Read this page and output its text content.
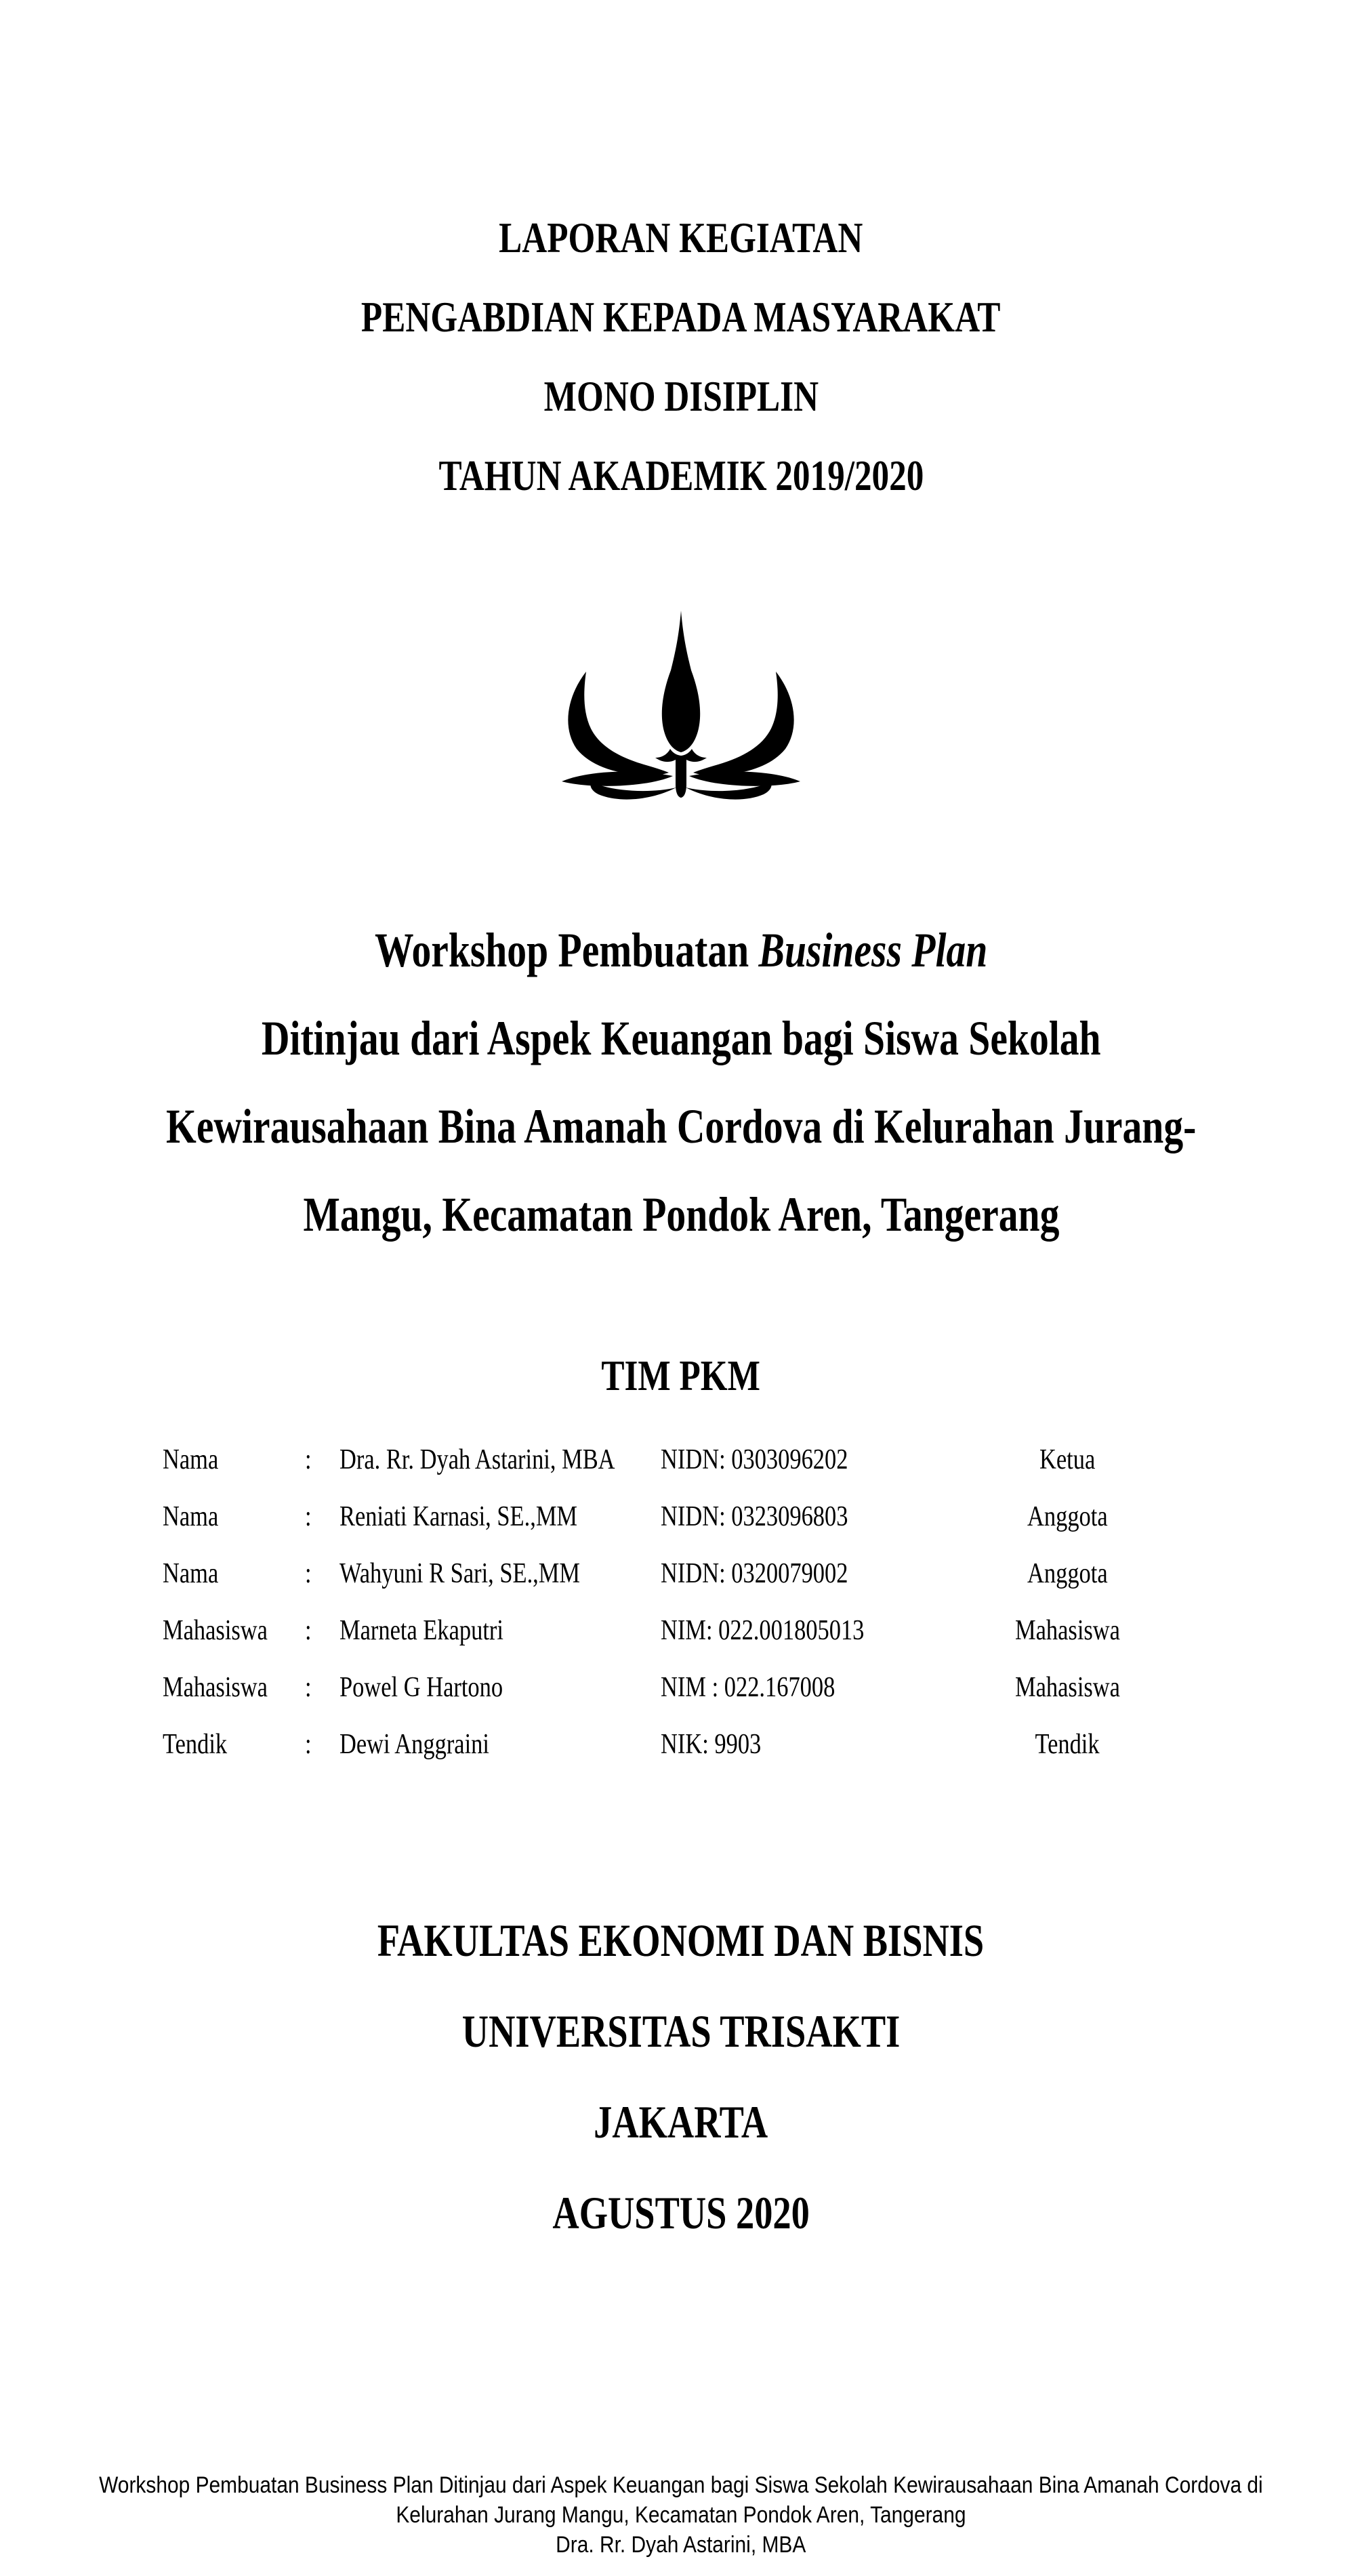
LAPORAN KEGIATAN
PENGABDIAN KEPADA MASYARAKAT
MONO DISIPLIN
TAHUN AKADEMIK 2019/2020
Workshop Pembuatan Business Plan
Ditinjau dari Aspek Keuangan bagi Siswa Sekolah
Kewirausahaan Bina Amanah Cordova di Kelurahan Jurang-
Mangu, Kecamatan Pondok Aren, Tangerang
TIM PKM
Nama	: Dra. Rr. Dyah Astarini, MBA	NIDN: 0303096202	Ketua
Nama	: Reniati Karnasi, SE.,MM	NIDN: 0323096803	Anggota
Nama	: Wahyuni R Sari, SE.,MM	NIDN: 0320079002	Anggota
Mahasiswa	: Marneta Ekaputri	NIM: 022.001805013	Mahasiswa
Mahasiswa	: Powel G Hartono	NIM : 022.167008	Mahasiswa
Tendik	: Dewi Anggraini	NIK: 9903	Tendik
FAKULTAS EKONOMI DAN BISNIS
UNIVERSITAS TRISAKTI
JAKARTA
AGUSTUS 2020
Workshop Pembuatan Business Plan Ditinjau dari Aspek Keuangan bagi Siswa Sekolah Kewirausahaan Bina Amanah Cordova di
Kelurahan Jurang Mangu, Kecamatan Pondok Aren, Tangerang
Dra. Rr. Dyah Astarini, MBA
